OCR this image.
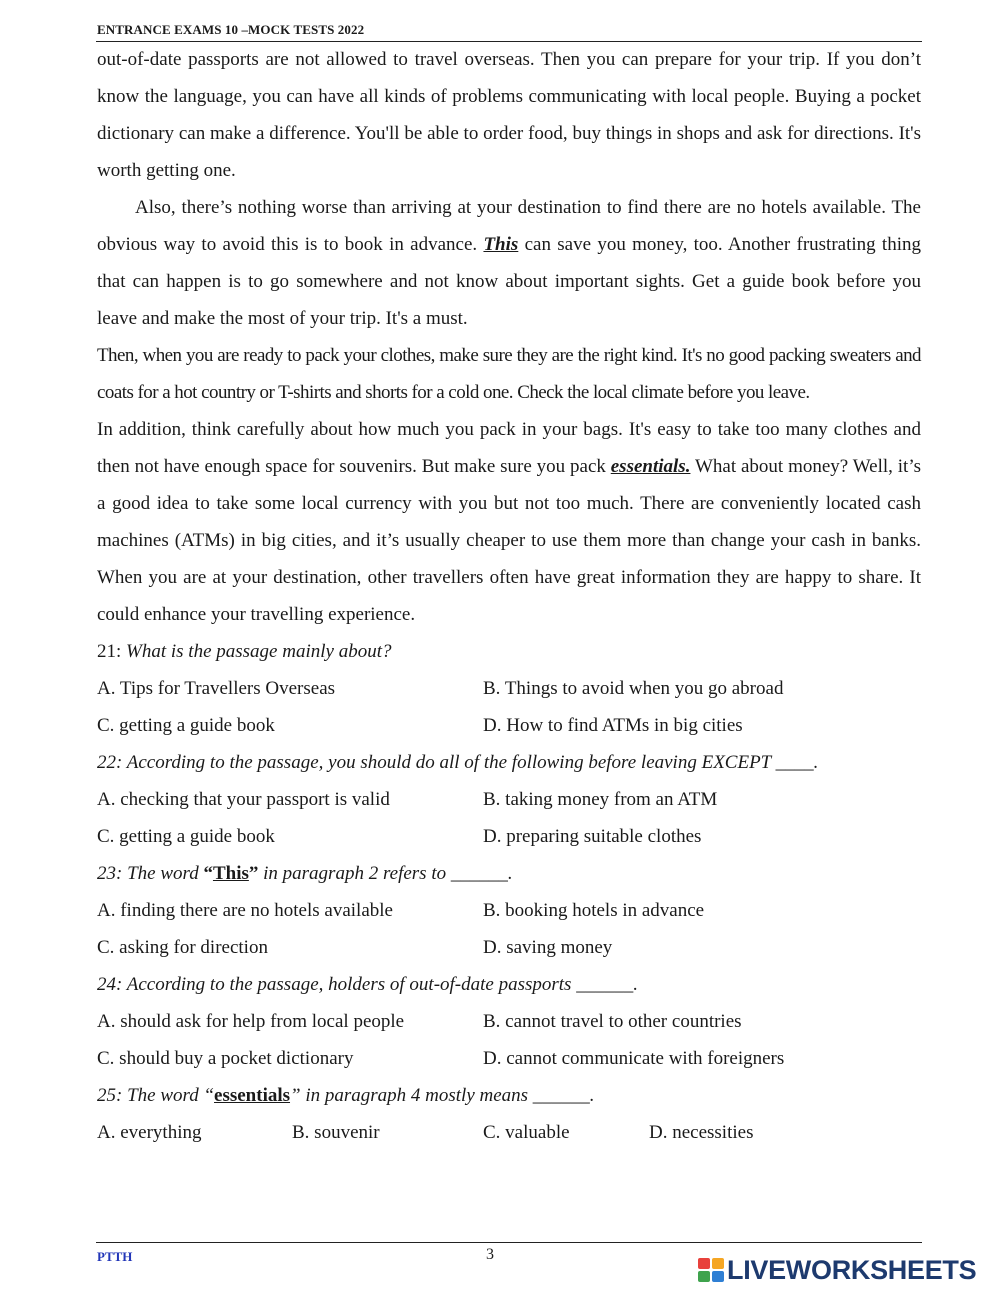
ENTRANCE EXAMS 10 –MOCK TESTS 2022

out-of-date passports are not allowed to travel overseas. Then you can prepare for your trip. If you don’t know the language, you can have all kinds of problems communicating with local people. Buying a pocket dictionary can make a difference. You'll be able to order food, buy things in shops and ask for directions. It's worth getting one.

Also, there’s nothing worse than arriving at your destination to find there are no hotels available. The obvious way to avoid this is to book in advance. This can save you money, too. Another frustrating thing that can happen is to go somewhere and not know about important sights. Get a guide book before you leave and make the most of your trip. It's a must.

Then, when you are ready to pack your clothes, make sure they are the right kind. It's no good packing sweaters and coats for a hot country or T-shirts and shorts for a cold one. Check the local climate before you leave.

In addition, think carefully about how much you pack in your bags. It's easy to take too many clothes and then not have enough space for souvenirs. But make sure you pack essentials. What about money? Well, it’s a good idea to take some local currency with you but not too much. There are conveniently located cash machines (ATMs) in big cities, and it’s usually cheaper to use them more than change your cash in banks. When you are at your destination, other travellers often have great information they are happy to share. It could enhance your travelling experience.

21: What is the passage mainly about?
A. Tips for Travellers Overseas	B. Things to avoid when you go abroad
C. getting a guide book	D. How to find ATMs in big cities
22: According to the passage, you should do all of the following before leaving EXCEPT ____.
A. checking that your passport is valid	B. taking money from an ATM
C. getting a guide book	D. preparing suitable clothes
23: The word “This” in paragraph 2 refers to ______.
A. finding there are no hotels available	B. booking hotels in advance
C. asking for direction	D. saving money
24: According to the passage, holders of out-of-date passports ______.
A. should ask for help from local people	B. cannot travel to other countries
C. should buy a pocket dictionary	D. cannot communicate with foreigners
25: The word “essentials” in paragraph 4 mostly means ______.
A. everything	B. souvenir	C. valuable	D. necessities
PTTH	3	LIVEWORKSHEETS
